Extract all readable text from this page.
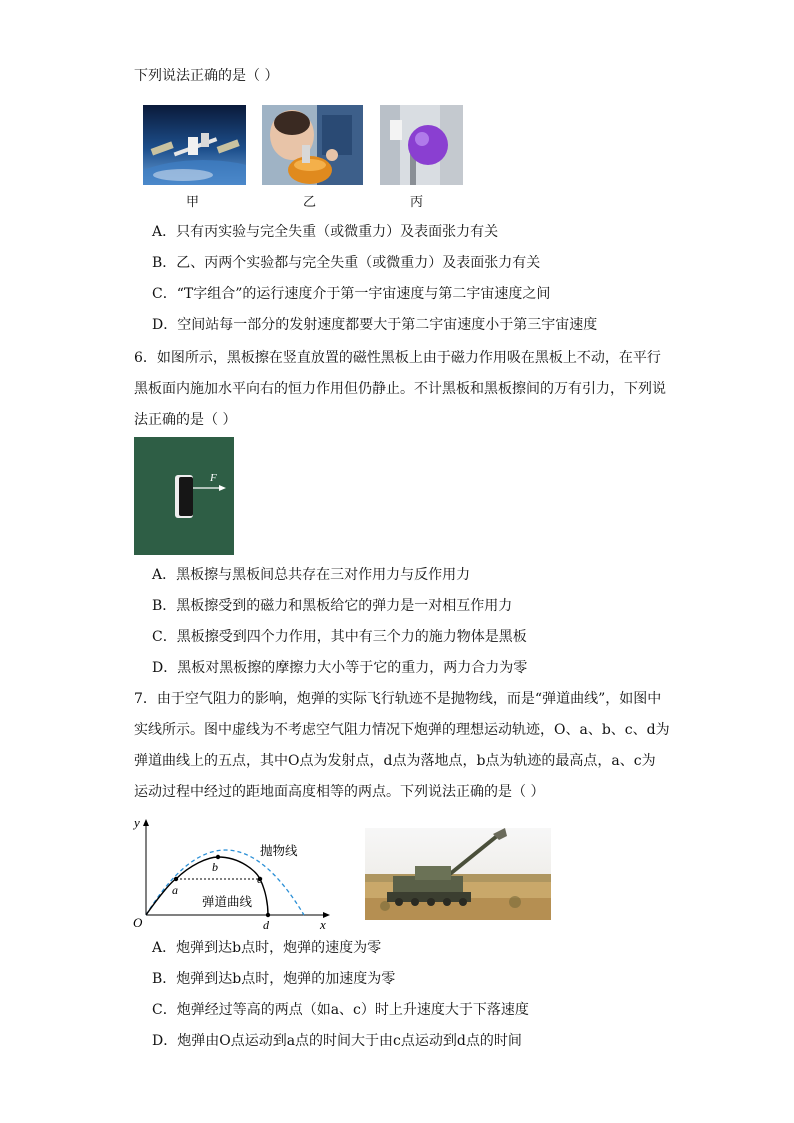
下列说法正确的是（ ）
甲	乙	丙
A．只有丙实验与完全失重（或微重力）及表面张力有关
B．乙、丙两个实验都与完全失重（或微重力）及表面张力有关
C．“T字组合”的运行速度介于第一宇宙速度与第二宇宙速度之间
D．空间站每一部分的发射速度都要大于第二宇宙速度小于第三宇宙速度
6．如图所示，黑板擦在竖直放置的磁性黑板上由于磁力作用吸在黑板上不动，在平行
黑板面内施加水平向右的恒力作用但仍静止。不计黑板和黑板擦间的万有引力，下列说
法正确的是（ ）
F
A．黑板擦与黑板间总共存在三对作用力与反作用力
B．黑板擦受到的磁力和黑板给它的弹力是一对相互作用力
C．黑板擦受到四个力作用，其中有三个力的施力物体是黑板
D．黑板对黑板擦的摩擦力大小等于它的重力，两力合力为零
7．由于空气阻力的影响，炮弹的实际飞行轨迹不是抛物线，而是“弹道曲线”，如图中
实线所示。图中虚线为不考虑空气阻力情况下炮弹的理想运动轨迹，O、a、b、c、d为
弹道曲线上的五点，其中O点为发射点，d点为落地点，b点为轨迹的最高点，a、c为
运动过程中经过的距地面高度相等的两点。下列说法正确的是（ ）
y
x
O
a
b
c
d
抛物线
弹道曲线
A．炮弹到达b点时，炮弹的速度为零
B．炮弹到达b点时，炮弹的加速度为零
C．炮弹经过等高的两点（如a、c）时上升速度大于下落速度
D．炮弹由O点运动到a点的时间大于由c点运动到d点的时间
